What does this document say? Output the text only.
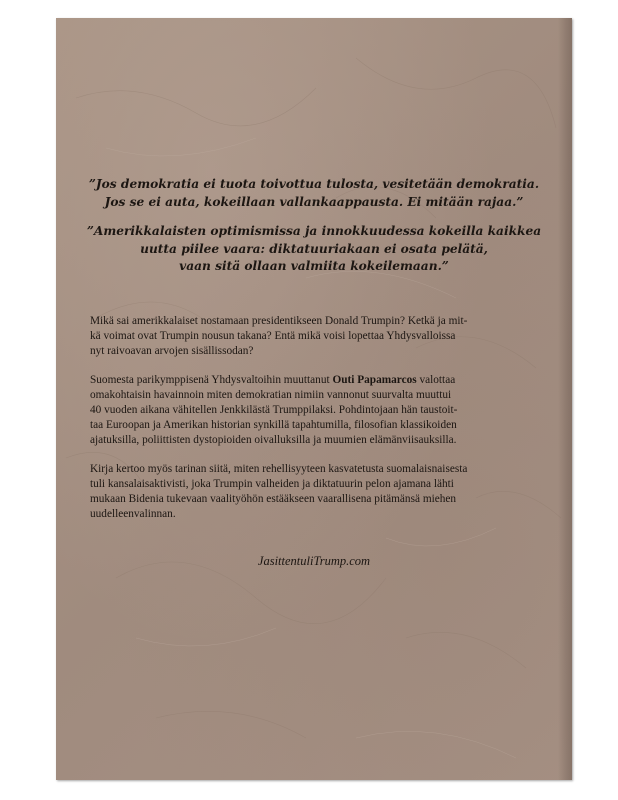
”Jos demokratia ei tuota toivottua tulosta, vesitetään demokratia.
Jos se ei auta, kokeillaan vallankaappausta. Ei mitään rajaa.”

”Amerikkalaisten optimismissa ja innokkuudessa kokeilla kaikkea
uutta piilee vaara: diktatuuriakaan ei osata pelätä,
vaan sitä ollaan valmiita kokeilemaan.”

Mikä sai amerikkalaiset nostamaan presidentikseen Donald Trumpin? Ketkä ja mit-
kä voimat ovat Trumpin nousun takana? Entä mikä voisi lopettaa Yhdysvalloissa
nyt raivoavan arvojen sisällissodan?

Suomesta parikymppisenä Yhdysvaltoihin muuttanut Outi Papamarcos valottaa
omakohtaisin havainnoin miten demokratian nimiin vannonut suurvalta muuttui
40 vuoden aikana vähitellen Jenkkilästä Trumppilaksi. Pohdintojaan hän taustoit-
taa Euroopan ja Amerikan historian synkillä tapahtumilla, filosofian klassikoiden
ajatuksilla, poliittisten dystopioiden oivalluksilla ja muumien elämänviisauksilla.

Kirja kertoo myös tarinan siitä, miten rehellisyyteen kasvatetusta suomalaisnaisesta
tuli kansalaisaktivisti, joka Trumpin valheiden ja diktatuurin pelon ajamana lähti
mukaan Bidenia tukevaan vaalityöhön estääkseen vaarallisena pitämänsä miehen
uudelleenvalinnan.

JasittentuliTrump.com
